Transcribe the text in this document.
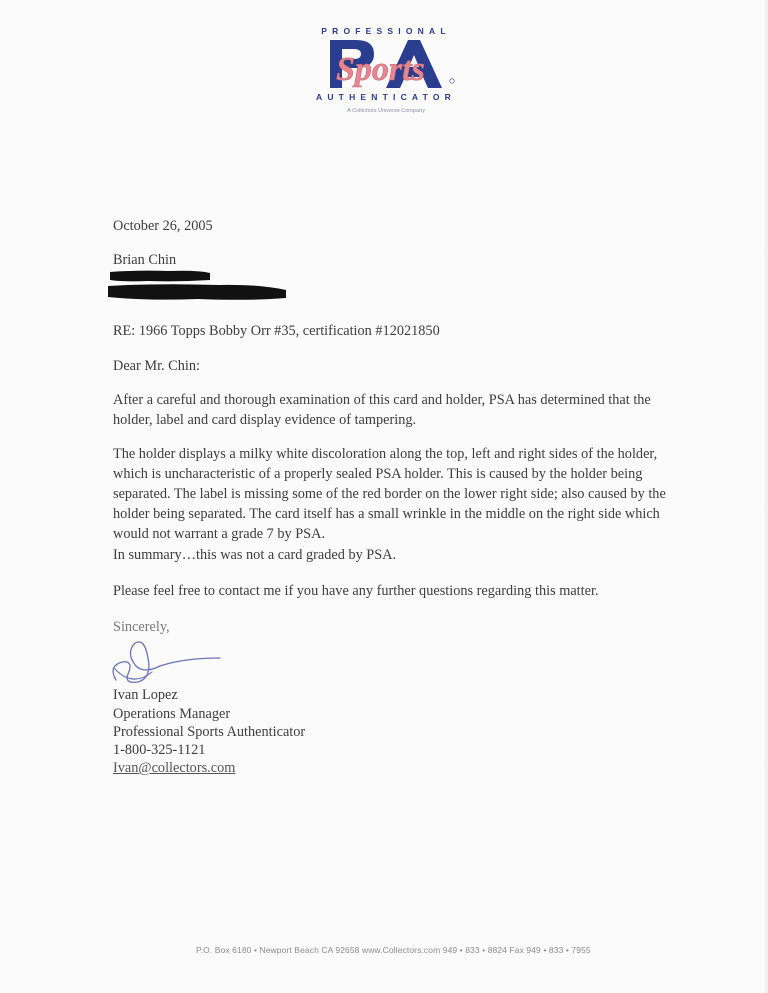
PROFESSIONAL
Sports
AUTHENTICATOR
A Collectors Universe Company

October 26, 2005

Brian Chin

RE: 1966 Topps Bobby Orr #35, certification #12021850

Dear Mr. Chin:

After a careful and thorough examination of this card and holder, PSA has determined that the holder, label and card display evidence of tampering.

The holder displays a milky white discoloration along the top, left and right sides of the holder, which is uncharacteristic of a properly sealed PSA holder. This is caused by the holder being separated. The label is missing some of the red border on the lower right side; also caused by the holder being separated. The card itself has a small wrinkle in the middle on the right side which would not warrant a grade 7 by PSA.

In summary…this was not a card graded by PSA.

Please feel free to contact me if you have any further questions regarding this matter.

Sincerely,

Ivan Lopez

Operations Manager

Professional Sports Authenticator

1-800-325-1121

Ivan@collectors.com

P.O. Box 6180 • Newport Beach CA 92658 www.Collectors.com 949 • 833 • 8824 Fax 949 • 833 • 7955
